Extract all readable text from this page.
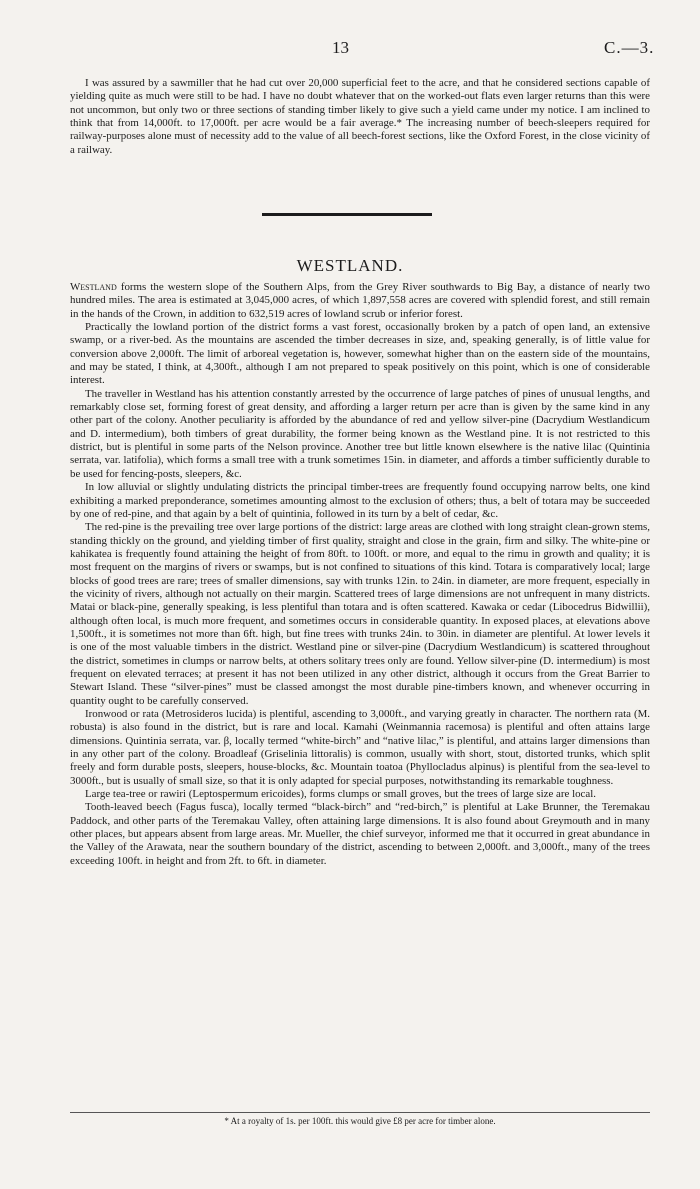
13	C.—3.

I was assured by a sawmiller that he had cut over 20,000 superficial feet to the acre, and that he considered sections capable of yielding quite as much were still to be had. I have no doubt whatever that on the worked-out flats even larger returns than this were not uncommon, but only two or three sections of standing timber likely to give such a yield came under my notice. I am inclined to think that from 14,000ft. to 17,000ft. per acre would be a fair average.* The increasing number of beech-sleepers required for railway-purposes alone must of necessity add to the value of all beech-forest sections, like the Oxford Forest, in the close vicinity of a railway.

WESTLAND.

Westland forms the western slope of the Southern Alps, from the Grey River southwards to Big Bay, a distance of nearly two hundred miles. The area is estimated at 3,045,000 acres, of which 1,897,558 acres are covered with splendid forest, and still remain in the hands of the Crown, in addition to 632,519 acres of lowland scrub or inferior forest.

Practically the lowland portion of the district forms a vast forest, occasionally broken by a patch of open land, an extensive swamp, or a river-bed. As the mountains are ascended the timber decreases in size, and, speaking generally, is of little value for conversion above 2,000ft. The limit of arboreal vegetation is, however, somewhat higher than on the eastern side of the mountains, and may be stated, I think, at 4,300ft., although I am not prepared to speak positively on this point, which is one of considerable interest.

The traveller in Westland has his attention constantly arrested by the occurrence of large patches of pines of unusual lengths, and remarkably close set, forming forest of great density, and affording a larger return per acre than is given by the same kind in any other part of the colony. Another peculiarity is afforded by the abundance of red and yellow silver-pine (Dacrydium Westlandicum and D. intermedium), both timbers of great durability, the former being known as the Westland pine. It is not restricted to this district, but is plentiful in some parts of the Nelson province. Another tree but little known elsewhere is the native lilac (Quintinia serrata, var. latifolia), which forms a small tree with a trunk sometimes 15in. in diameter, and affords a timber sufficiently durable to be used for fencing-posts, sleepers, &c.

In low alluvial or slightly undulating districts the principal timber-trees are frequently found occupying narrow belts, one kind exhibiting a marked preponderance, sometimes amounting almost to the exclusion of others; thus, a belt of totara may be succeeded by one of red-pine, and that again by a belt of quintinia, followed in its turn by a belt of cedar, &c.

The red-pine is the prevailing tree over large portions of the district: large areas are clothed with long straight clean-grown stems, standing thickly on the ground, and yielding timber of first quality, straight and close in the grain, firm and silky. The white-pine or kahikatea is frequently found attaining the height of from 80ft. to 100ft. or more, and equal to the rimu in growth and quality; it is most frequent on the margins of rivers or swamps, but is not confined to situations of this kind. Totara is comparatively local; large blocks of good trees are rare; trees of smaller dimensions, say with trunks 12in. to 24in. in diameter, are more frequent, especially in the vicinity of rivers, although not actually on their margin. Scattered trees of large dimensions are not unfrequent in many districts. Matai or black-pine, generally speaking, is less plentiful than totara and is often scattered. Kawaka or cedar (Libocedrus Bidwillii), although often local, is much more frequent, and sometimes occurs in considerable quantity. In exposed places, at elevations above 1,500ft., it is sometimes not more than 6ft. high, but fine trees with trunks 24in. to 30in. in diameter are plentiful. At lower levels it is one of the most valuable timbers in the district. Westland pine or silver-pine (Dacrydium Westlandicum) is scattered throughout the district, sometimes in clumps or narrow belts, at others solitary trees only are found. Yellow silver-pine (D. intermedium) is most frequent on elevated terraces; at present it has not been utilized in any other district, although it occurs from the Great Barrier to Stewart Island. These “silver-pines” must be classed amongst the most durable pine-timbers known, and whenever occurring in quantity ought to be carefully conserved.

Ironwood or rata (Metrosideros lucida) is plentiful, ascending to 3,000ft., and varying greatly in character. The northern rata (M. robusta) is also found in the district, but is rare and local. Kamahi (Weinmannia racemosa) is plentiful and often attains large dimensions. Quintinia serrata, var. β, locally termed “white-birch” and “native lilac,” is plentiful, and attains larger dimensions than in any other part of the colony. Broadleaf (Griselinia littoralis) is common, usually with short, stout, distorted trunks, which split freely and form durable posts, sleepers, house-blocks, &c. Mountain toatoa (Phyllocladus alpinus) is plentiful from the sea-level to 3000ft., but is usually of small size, so that it is only adapted for special purposes, notwithstanding its remarkable toughness.

Large tea-tree or rawiri (Leptospermum ericoides), forms clumps or small groves, but the trees of large size are local.

Tooth-leaved beech (Fagus fusca), locally termed “black-birch” and “red-birch,” is plentiful at Lake Brunner, the Teremakau Paddock, and other parts of the Teremakau Valley, often attaining large dimensions. It is also found about Greymouth and in many other places, but appears absent from large areas. Mr. Mueller, the chief surveyor, informed me that it occurred in great abundance in the Valley of the Arawata, near the southern boundary of the district, ascending to between 2,000ft. and 3,000ft., many of the trees exceeding 100ft. in height and from 2ft. to 6ft. in diameter.

* At a royalty of 1s. per 100ft. this would give £8 per acre for timber alone.
